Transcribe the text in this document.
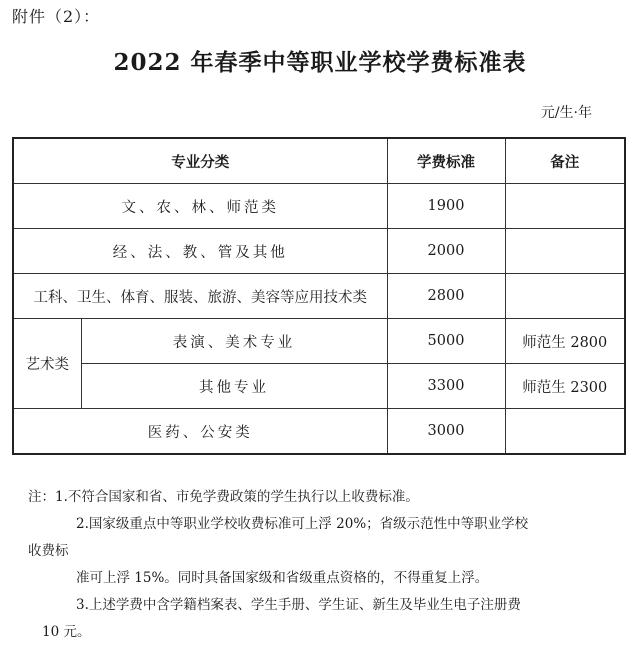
附件（2）：
2022 年春季中等职业学校学费标准表
元/生·年
专业分类		学费标准	备注
文、农、林、师范类		1900	
经、法、教、管及其他		2000	
工科、卫生、体育、服装、旅游、美容等应用技术类		2800	
艺术类	表演、美术专业	5000	师范生 2800
	其他专业	3300	师范生 2300
医药、公安类		3000	

注：1.不符合国家和省、市免学费政策的学生执行以上收费标准。

2.国家级重点中等职业学校收费标准可上浮 20%；省级示范性中等职业学校

收费标

准可上浮 15%。同时具备国家级和省级重点资格的，不得重复上浮。

3.上述学费中含学籍档案表、学生手册、学生证、新生及毕业生电子注册费

10 元。
